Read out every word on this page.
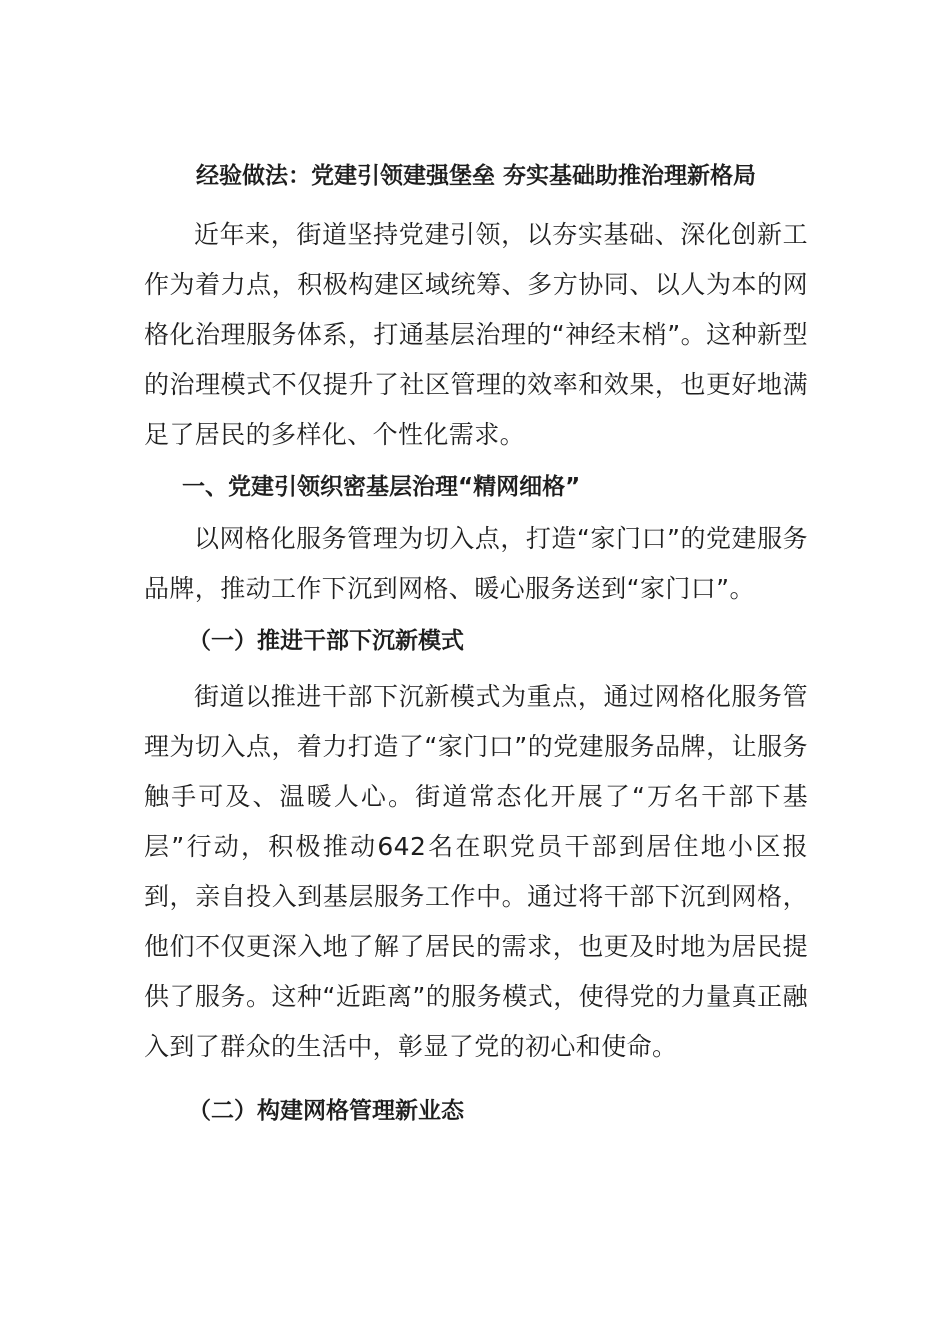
经验做法：党建引领建强堡垒 夯实基础助推治理新格局

近年来，街道坚持党建引领，以夯实基础、深化创新工作为着力点，积极构建区域统筹、多方协同、以人为本的网格化治理服务体系，打通基层治理的“神经末梢”。这种新型的治理模式不仅提升了社区管理的效率和效果，也更好地满足了居民的多样化、个性化需求。

一、党建引领织密基层治理“精网细格”

以网格化服务管理为切入点，打造“家门口”的党建服务品牌，推动工作下沉到网格、暖心服务送到“家门口”。

（一）推进干部下沉新模式

街道以推进干部下沉新模式为重点，通过网格化服务管理为切入点，着力打造了“家门口”的党建服务品牌，让服务触手可及、温暖人心。街道常态化开展了“万名干部下基层”行动，积极推动642名在职党员干部到居住地小区报到，亲自投入到基层服务工作中。通过将干部下沉到网格，他们不仅更深入地了解了居民的需求，也更及时地为居民提供了服务。这种“近距离”的服务模式，使得党的力量真正融入到了群众的生活中，彰显了党的初心和使命。

（二）构建网格管理新业态
